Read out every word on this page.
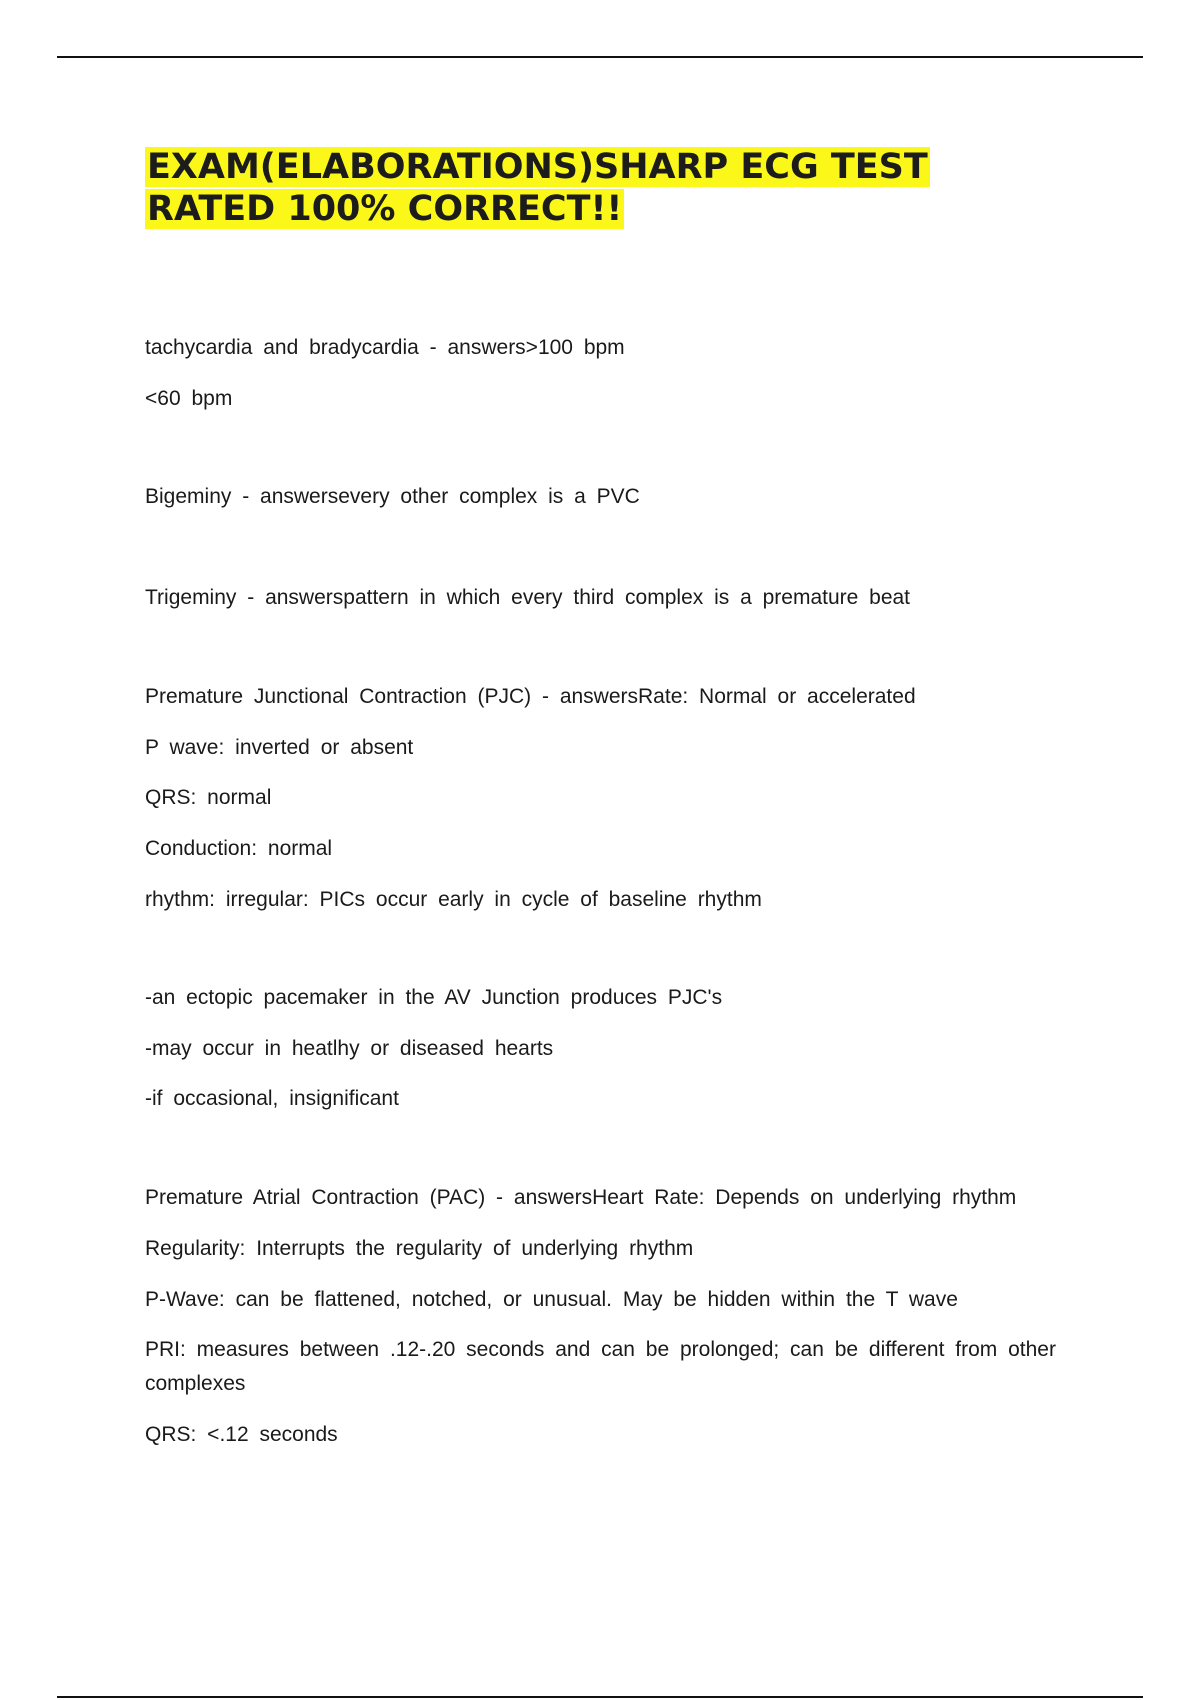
EXAM(ELABORATIONS)SHARP ECG TEST RATED 100% CORRECT!!

tachycardia and bradycardia - answers>100 bpm

<60 bpm

Bigeminy - answersevery other complex is a PVC

Trigeminy - answerspattern in which every third complex is a premature beat

Premature Junctional Contraction (PJC) - answersRate: Normal or accelerated

P wave: inverted or absent

QRS: normal

Conduction: normal

rhythm: irregular: PICs occur early in cycle of baseline rhythm

-an ectopic pacemaker in the AV Junction produces PJC's

-may occur in heatlhy or diseased hearts

-if occasional, insignificant

Premature Atrial Contraction (PAC) - answersHeart Rate: Depends on underlying rhythm

Regularity: Interrupts the regularity of underlying rhythm

P-Wave: can be flattened, notched, or unusual. May be hidden within the T wave

PRI: measures between .12-.20 seconds and can be prolonged; can be different from other complexes

QRS: <.12 seconds
